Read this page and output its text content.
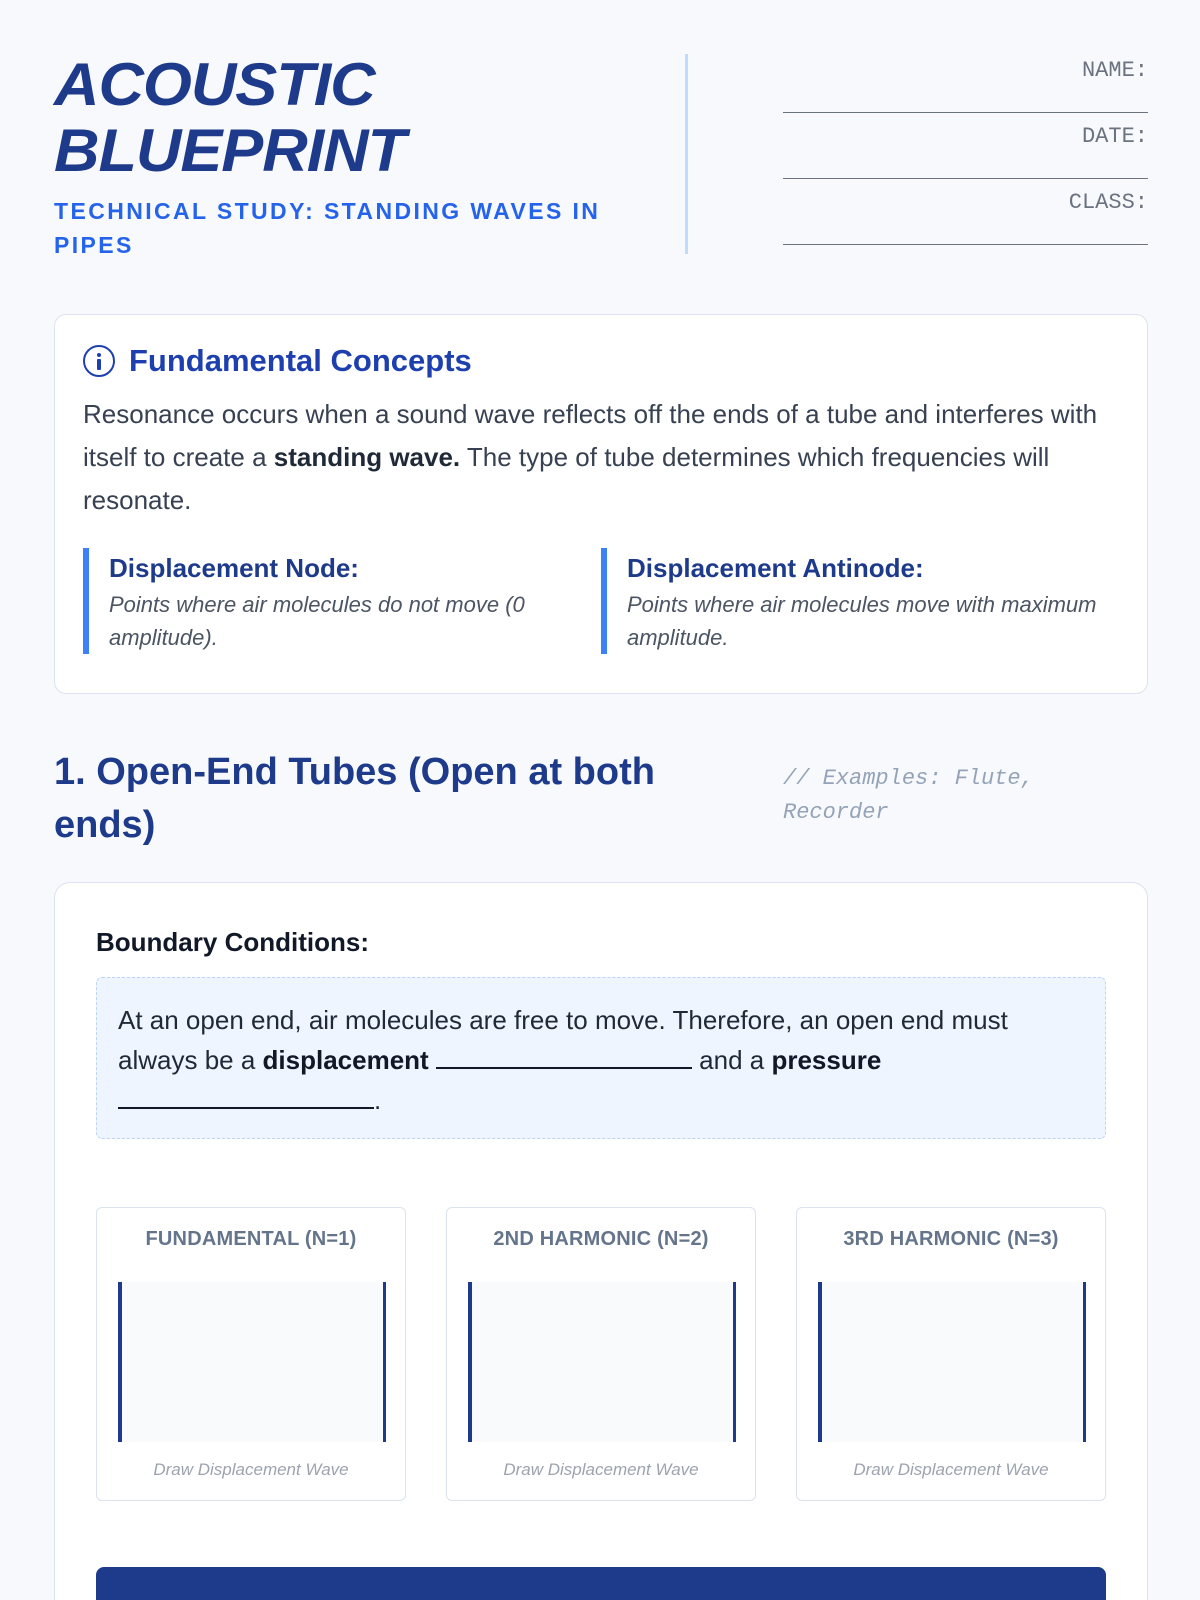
ACOUSTIC
BLUEPRINT
TECHNICAL STUDY: STANDING WAVES IN PIPES
NAME:
DATE:
CLASS:
Fundamental Concepts

Resonance occurs when a sound wave reflects off the ends of a tube and interferes with itself to create a standing wave. The type of tube determines which frequencies will resonate.

Displacement Node:
Points where air molecules do not move (0 amplitude).
Displacement Antinode:
Points where air molecules move with maximum amplitude.
1. Open-End Tubes (Open at both ends)
// Examples: Flute, Recorder
Boundary Conditions:
At an open end, air molecules are free to move. Therefore, an open end must always be a displacement	and a pressure .
FUNDAMENTAL (N=1)
Draw Displacement Wave
2ND HARMONIC (N=2)
Draw Displacement Wave
3RD HARMONIC (N=3)
Draw Displacement Wave
